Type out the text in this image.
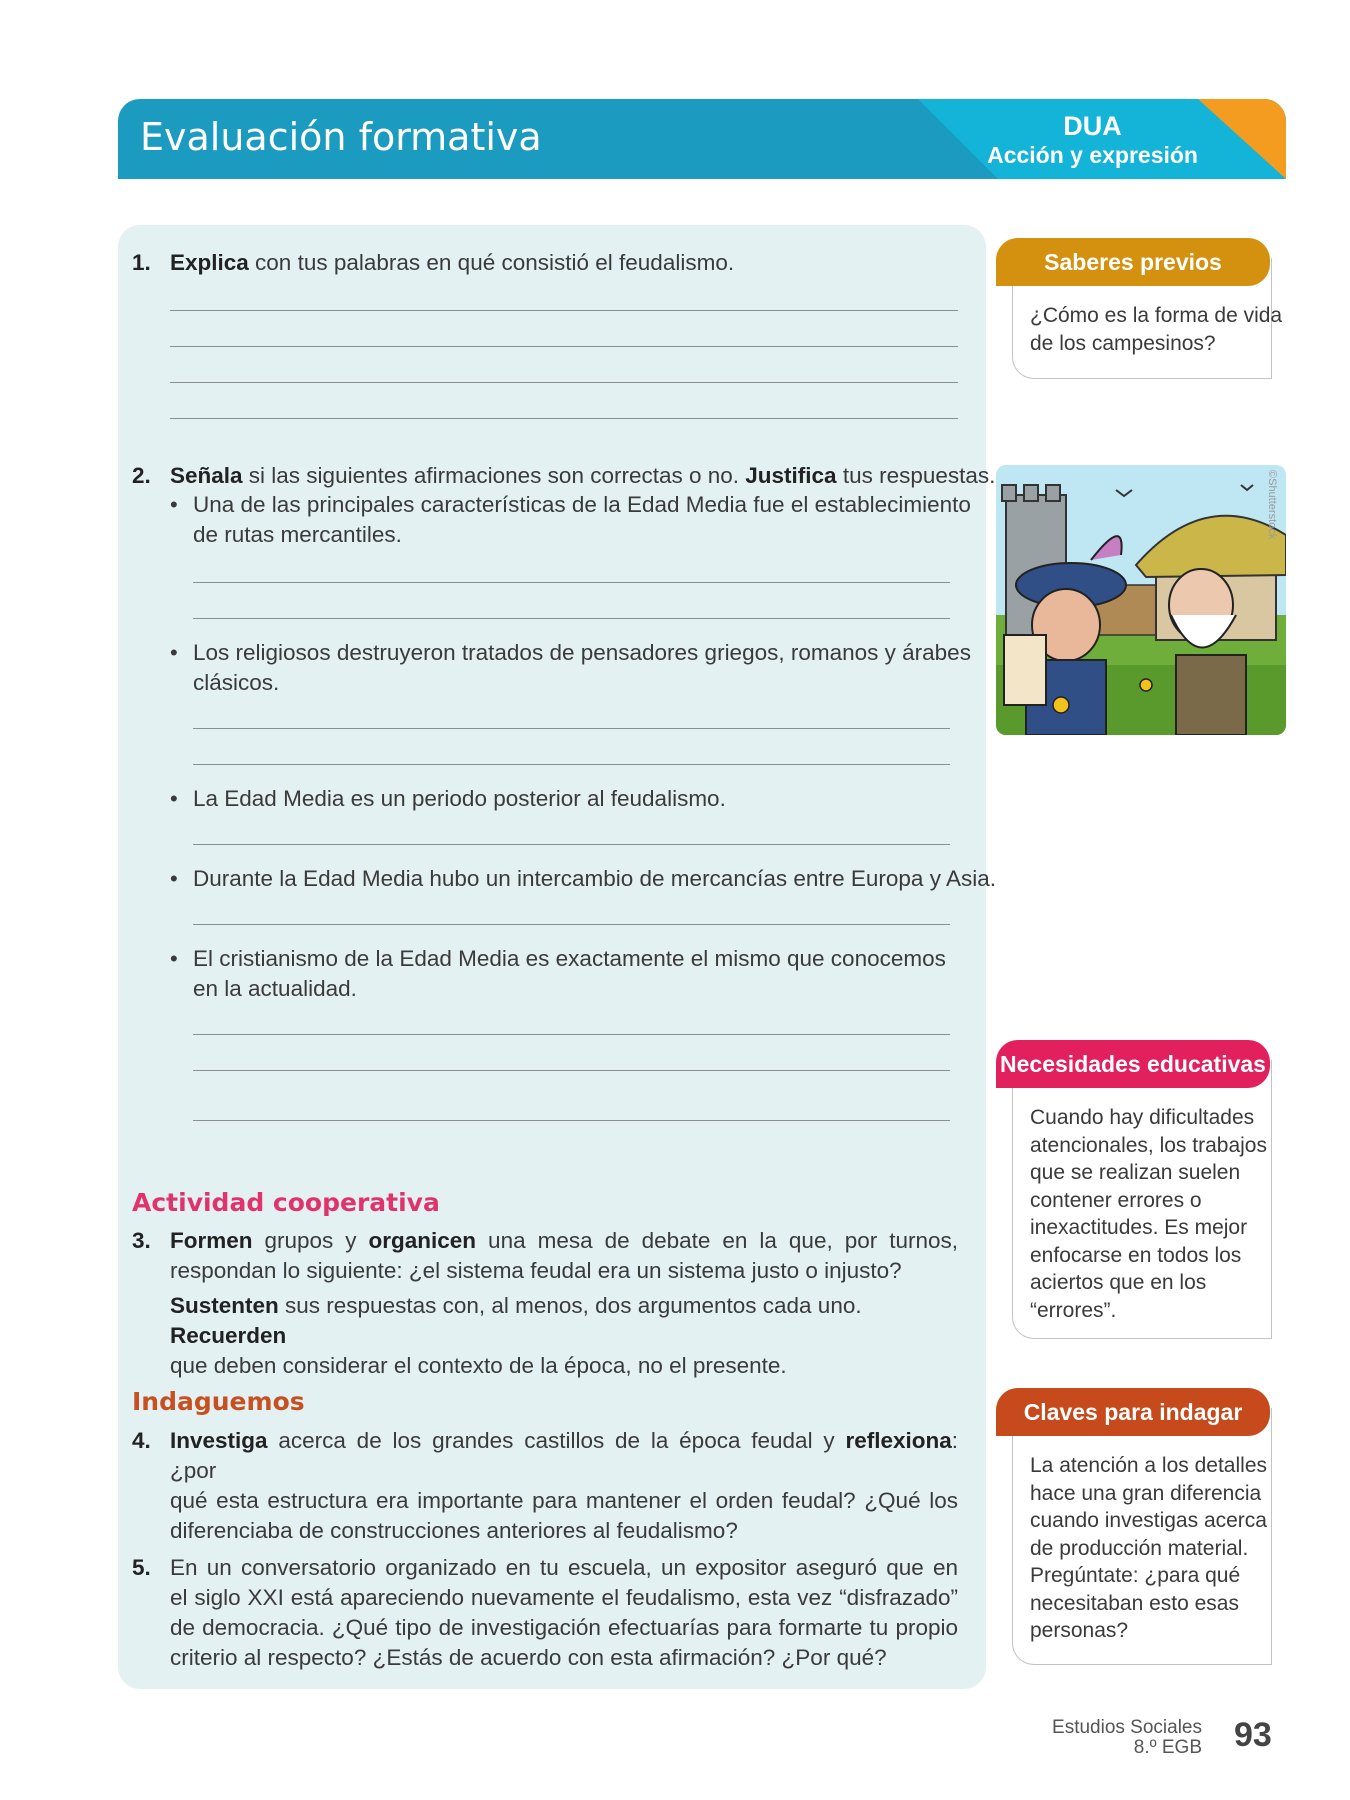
Evaluación formativa	DUA
Acción y expresión
1. Explica con tus palabras en qué consistió el feudalismo.
2. Señala si las siguientes afirmaciones son correctas o no. Justifica tus respuestas.
• Una de las principales características de la Edad Media fue el establecimiento
de rutas mercantiles.
• Los religiosos destruyeron tratados de pensadores griegos, romanos y árabes
clásicos.
• La Edad Media es un periodo posterior al feudalismo.
• Durante la Edad Media hubo un intercambio de mercancías entre Europa y Asia.
• El cristianismo de la Edad Media es exactamente el mismo que conocemos
en la actualidad.
Actividad cooperativa
3. Formen grupos y organicen una mesa de debate en la que, por turnos,
respondan lo siguiente: ¿el sistema feudal era un sistema justo o injusto?
Sustenten sus respuestas con, al menos, dos argumentos cada uno. Recuerden
que deben considerar el contexto de la época, no el presente.
Indaguemos
4. Investiga acerca de los grandes castillos de la época feudal y reflexiona: ¿por
qué esta estructura era importante para mantener el orden feudal? ¿Qué los
diferenciaba de construcciones anteriores al feudalismo?
5. En un conversatorio organizado en tu escuela, un expositor aseguró que en
el siglo XXI está apareciendo nuevamente el feudalismo, esta vez “disfrazado”
de democracia. ¿Qué tipo de investigación efectuarías para formarte tu propio
criterio al respecto? ¿Estás de acuerdo con esta afirmación? ¿Por qué?
Saberes previos
¿Cómo es la forma de vida
de los campesinos?
©Shutterstock
Necesidades educativas
Cuando hay dificultades
atencionales, los trabajos
que se realizan suelen
contener errores o
inexactitudes. Es mejor
enfocarse en todos los
aciertos que en los
“errores”.
Claves para indagar
La atención a los detalles
hace una gran diferencia
cuando investigas acerca
de producción material.
Pregúntate: ¿para qué
necesitaban esto esas
personas?
Estudios Sociales
8.º EGB 93
